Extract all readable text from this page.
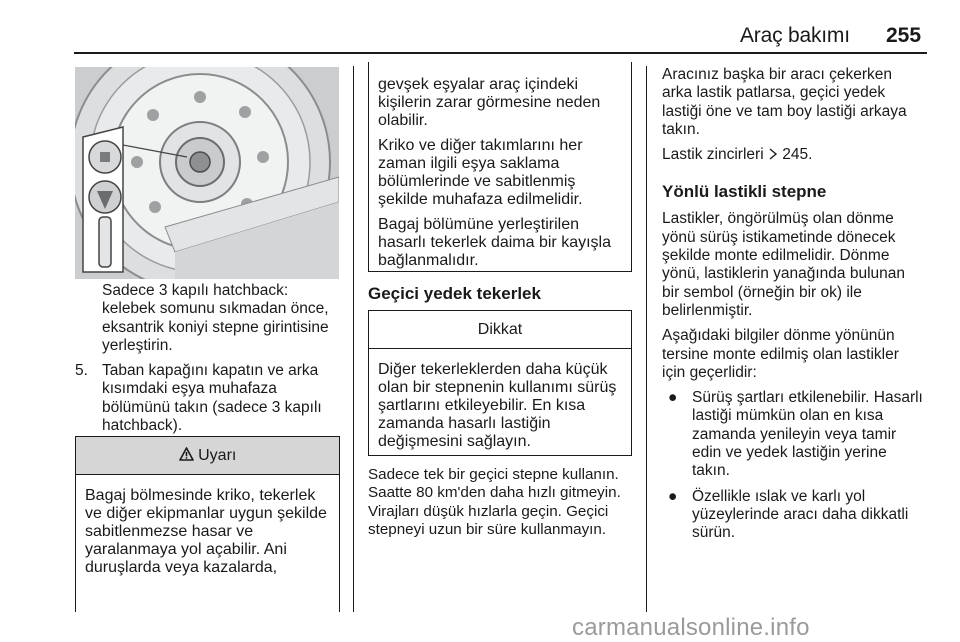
Araç bakımı 255

Sadece 3 kapılı hatchback: kelebek somunu sıkmadan önce, eksantrik koniyi stepne girintisine yerleştirin.

5. Taban kapağını kapatın ve arka kısımdaki eşya muhafaza bölümünü takın (sadece 3 kapılı hatchback).
Uyarı
Bagaj bölmesinde kriko, tekerlek ve diğer ekipmanlar uygun şekilde sabitlenmezse hasar ve yaralanmaya yol açabilir. Ani duruşlarda veya kazalarda,

gevşek eşyalar araç içindeki kişilerin zarar görmesine neden olabilir.

Kriko ve diğer takımlarını her zaman ilgili eşya saklama bölümlerinde ve sabitlenmiş şekilde muhafaza edilmelidir.

Bagaj bölümüne yerleştirilen hasarlı tekerlek daima bir kayışla bağlanmalıdır.

Geçici yedek tekerlek
Dikkat
Diğer tekerleklerden daha küçük olan bir stepnenin kullanımı sürüş şartlarını etkileyebilir. En kısa zamanda hasarlı lastiğin değişmesini sağlayın.

Sadece tek bir geçici stepne kullanın. Saatte 80 km'den daha hızlı gitmeyin. Virajları düşük hızlarla geçin. Geçici stepneyi uzun bir süre kullanmayın.

Aracınız başka bir aracı çekerken arka lastik patlarsa, geçici yedek lastiği öne ve tam boy lastiği arkaya takın.

Lastik zincirleri 245.

Yönlü lastikli stepne

Lastikler, öngörülmüş olan dönme yönü sürüş istikametinde dönecek şekilde monte edilmelidir. Dönme yönü, lastiklerin yanağında bulunan bir sembol (örneğin bir ok) ile belirlenmiştir.

Aşağıdaki bilgiler dönme yönünün tersine monte edilmiş olan lastikler için geçerlidir:

● Sürüş şartları etkilenebilir. Hasarlı lastiği mümkün olan en kısa zamanda yenileyin veya tamir edin ve yedek lastiğin yerine takın.
● Özellikle ıslak ve karlı yol yüzeylerinde aracı daha dikkatli sürün.
carmanualsonline.info
